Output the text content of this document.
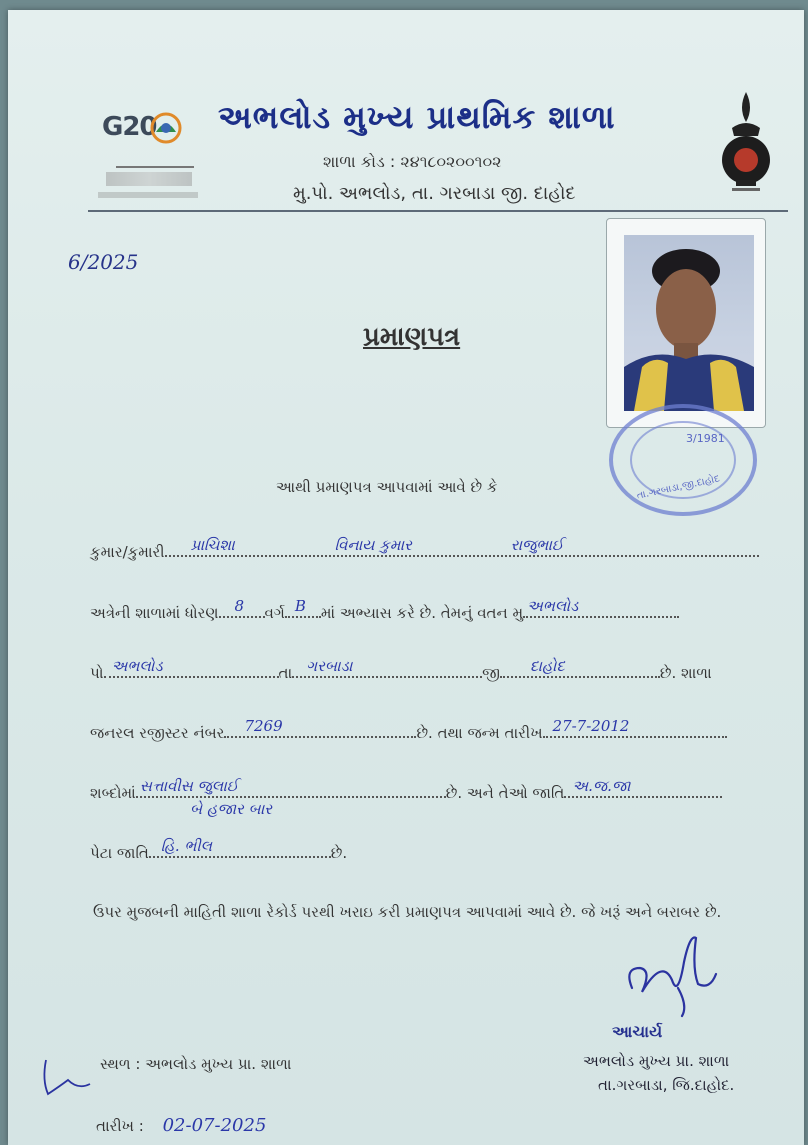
G20 અભલોડ મુખ્ય પ્રાથમિક શાળા
શાળા કોડ : ૨૪૧૮૦૨૦૦૧૦૨
મુ.પો. અભલોડ, તા. ગરબાડા જી. દાહોદ
6/2025
પ્રમાણપત્ર
3/1981
તા.ગરબાડા,જી.દાહોદ
આથી પ્રમાણપત્ર આપવામાં આવે છે કે
કુમાર/કુમારી પ્રાચિશા	વિનાય કુમાર	રાજુભાઈ
અત્રેની શાળામાં ધોરણ 8 વર્ગ B માં અભ્યાસ કરે છે. તેમનું વતન મુ અભલોડ
પો અભલોડ	તા ગરબાડા	જી દાહોદ	છે. શાળા
જનરલ રજીસ્ટર નંબર 7269	છે. તથા જન્મ તારીખ 27-7-2012
શબ્દોમાં સત્તાવીસ જુલાઈ	છે. અને તેઓ જાતિ અ.જ.જા
બે હજાર બાર
પેટા જાતિ હિ. ભીલ	છે.
ઉપર મુજબની માહિતી શાળા રેકોર્ડ પરથી ખરાઇ કરી પ્રમાણપત્ર આપવામાં આવે છે. જે ખરૂં અને બરાબર છે.
આચાર્ય
અભલોડ મુખ્ય પ્રા. શાળા
તા.ગરબાડા, જિ.દાહોદ.
સ્થળ : અભલોડ મુખ્ય પ્રા. શાળા
તારીખ : 02-07-2025
